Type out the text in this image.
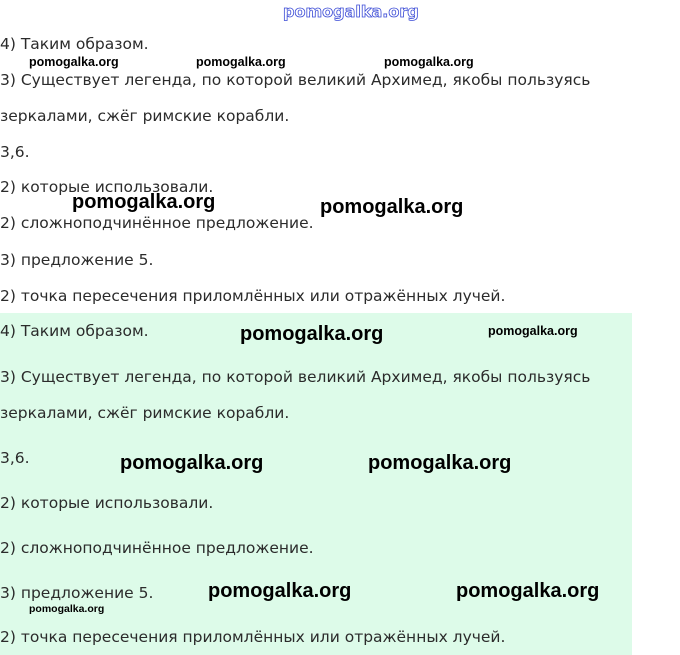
pomogalka.org
4) Таким образом.
3) Существует легенда, по которой великий Архимед, якобы пользуясь
зеркалами, сжёг римские корабли.
3,6.
2) которые использовали.
2) сложноподчинённое предложение.
3) предложение 5.
2) точка пересечения приломлённых или отражённых лучей.
4) Таким образом.
3) Существует легенда, по которой великий Архимед, якобы пользуясь
зеркалами, сжёг римские корабли.
3,6.
2) которые использовали.
2) сложноподчинённое предложение.
3) предложение 5.
2) точка пересечения приломлённых или отражённых лучей.
pomogalka.org	pomogalka.org	pomogalka.org
pomogalka.org	pomogalka.org
pomogalka.org	pomogalka.org
pomogalka.org	pomogalka.org
pomogalka.org	pomogalka.org
pomogalka.org
